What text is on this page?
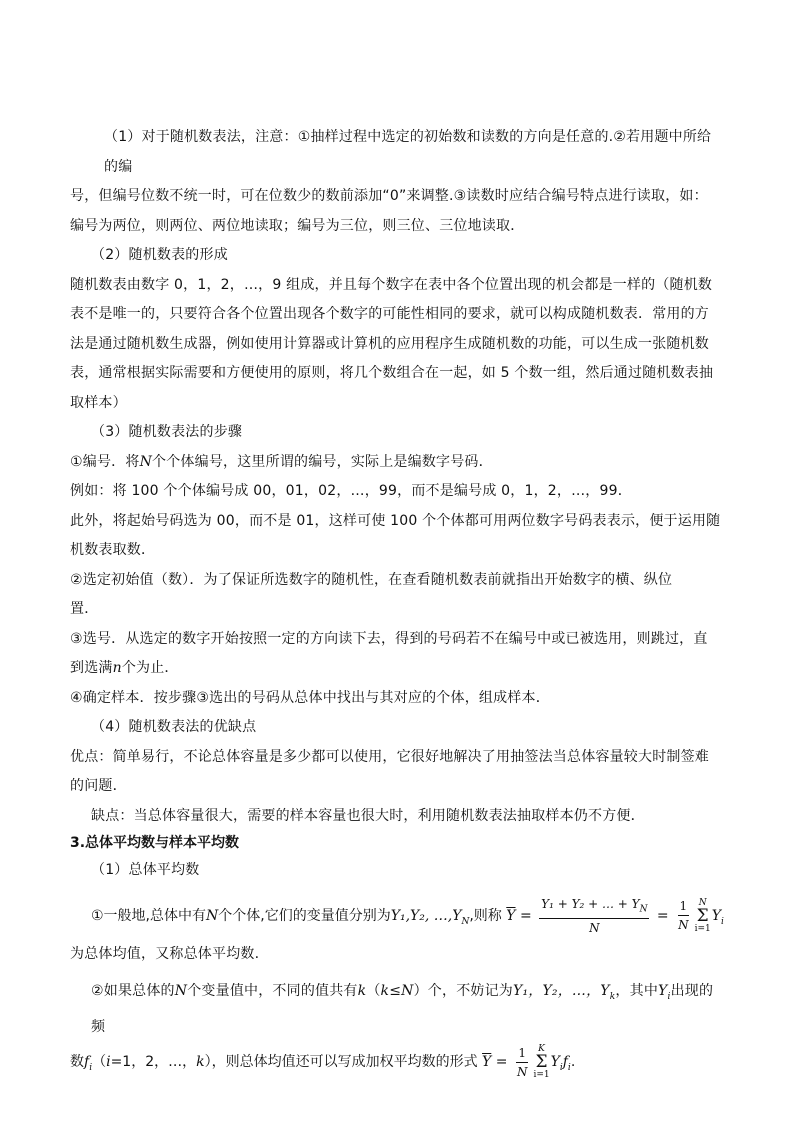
（1）对于随机数表法，注意：①抽样过程中选定的初始数和读数的方向是任意的.②若用题中所给的编

号，但编号位数不统一时，可在位数少的数前添加“0”来调整.③读数时应结合编号特点进行读取，如：

编号为两位，则两位、两位地读取；编号为三位，则三位、三位地读取．

（2）随机数表的形成

随机数表由数字 0，1，2，…，9 组成，并且每个数字在表中各个位置出现的机会都是一样的（随机数

表不是唯一的，只要符合各个位置出现各个数字的可能性相同的要求，就可以构成随机数表．常用的方

法是通过随机数生成器，例如使用计算器或计算机的应用程序生成随机数的功能，可以生成一张随机数

表，通常根据实际需要和方便使用的原则，将几个数组合在一起，如 5 个数一组，然后通过随机数表抽

取样本）

（3）随机数表法的步骤

①编号．将N个个体编号，这里所谓的编号，实际上是编数字号码．

例如：将 100 个个体编号成 00，01，02，…，99，而不是编号成 0，1，2，…，99．

此外，将起始号码选为 00，而不是 01，这样可使 100 个个体都可用两位数字号码表表示，便于运用随

机数表取数．

②选定初始值（数）．为了保证所选数字的随机性，在查看随机数表前就指出开始数字的横、纵位

置．

③选号．从选定的数字开始按照一定的方向读下去，得到的号码若不在编号中或已被选用，则跳过，直

到选满n个为止．

④确定样本．按步骤③选出的号码从总体中找出与其对应的个体，组成样本．

（4）随机数表法的优缺点

优点：简单易行，不论总体容量是多少都可以使用，它很好地解决了用抽签法当总体容量较大时制签难

的问题．

缺点：当总体容量很大，需要的样本容量也很大时，利用随机数表法抽取样本仍不方便．

3.总体平均数与样本平均数

（1）总体平均数

①一般地,总体中有N个个体,它们的变量值分别为Y₁,Y₂, $\dots,Y_N$,则称 $\overline{Y} = \frac{Y_1 + Y_2 + \dots + Y_N}{N} = \frac{1}{N}$ N
Σ
i=1
$Y_i$

为总体均值，又称总体平均数.

②如果总体的N个变量值中，不同的值共有k（k≤N）个，不妨记为Y₁，Y₂，…，$Y_k$，其中$Y_i$出现的频

数$f_i(i=1$，2，…，k），则总体均值还可以写成加权平均数的形式 $\overline{Y} = \frac{1}{N}$ K
Σ
i=1
$Y_if_i$.
